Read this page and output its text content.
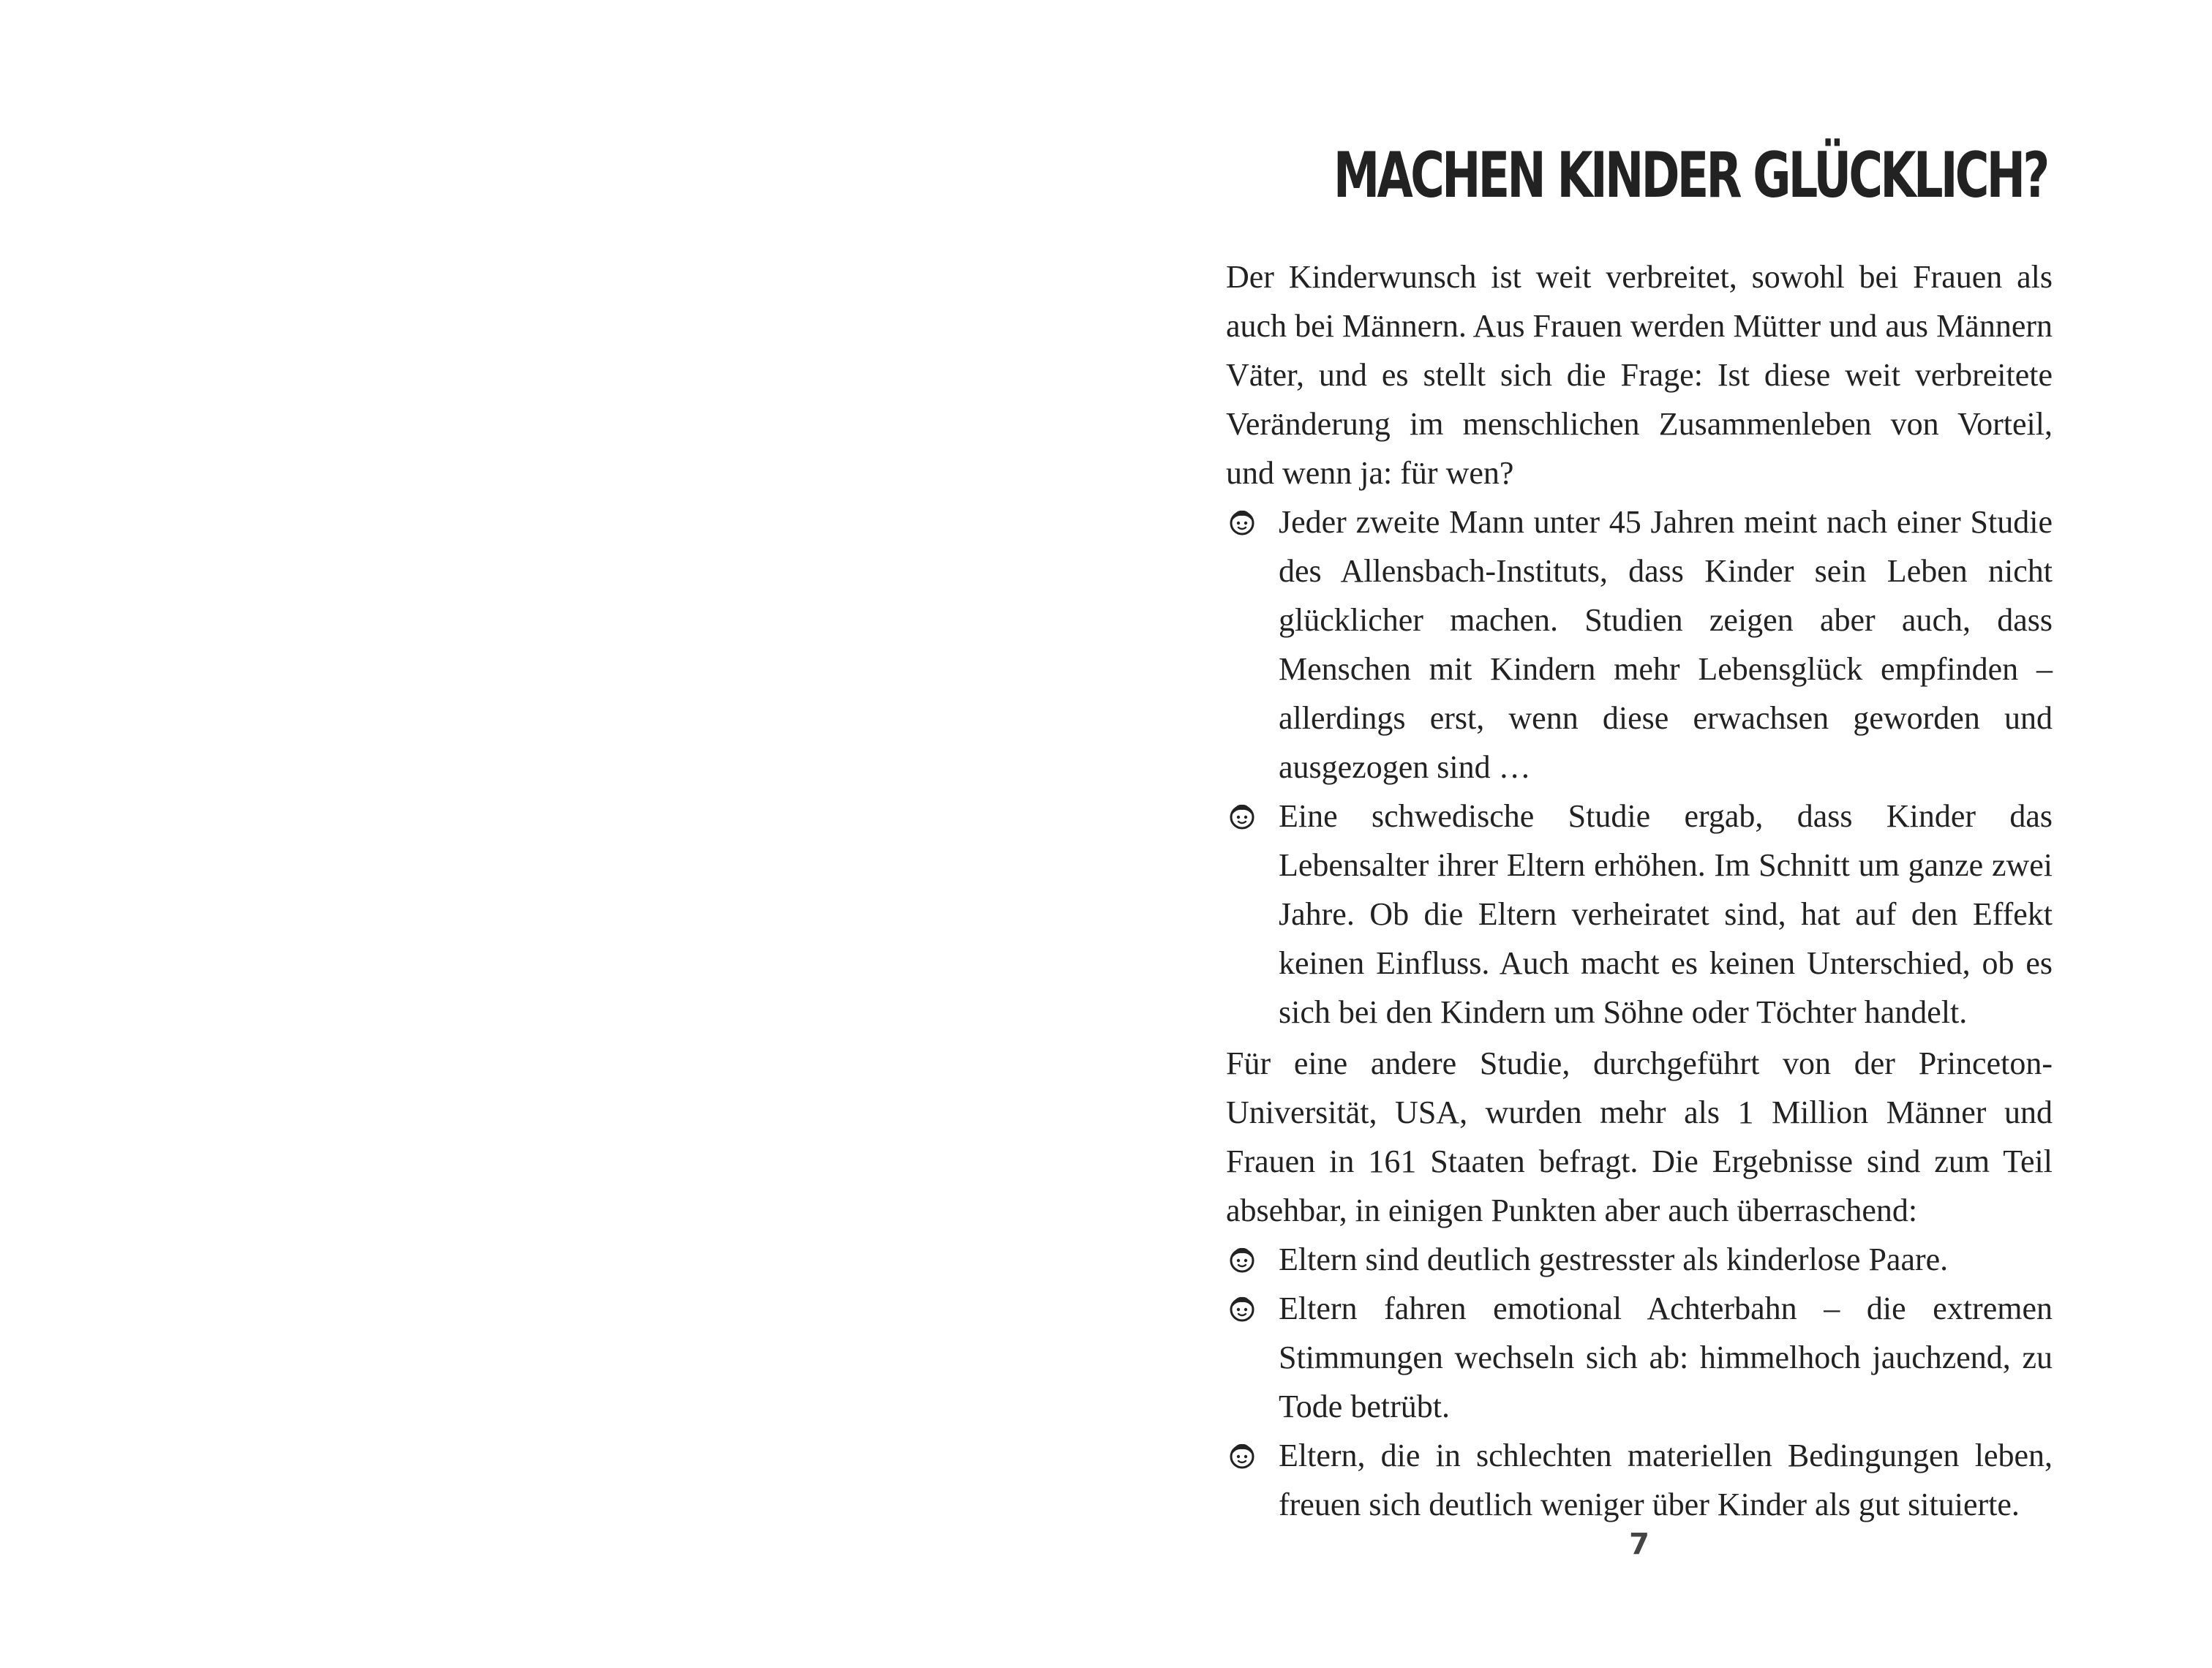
MACHEN KINDER GLÜCKLICH?

Der Kinderwunsch ist weit verbreitet, sowohl bei Frauen als auch bei Männern. Aus Frauen werden Mütter und aus Männern Väter, und es stellt sich die Frage: Ist diese weit verbreitete Veränderung im menschlichen Zusammenleben von Vorteil, und wenn ja: für wen?

Jeder zweite Mann unter 45 Jahren meint nach einer Studie des Allensbach-Instituts, dass Kinder sein Leben nicht glücklicher machen. Studien zeigen aber auch, dass Menschen mit Kindern mehr Lebensglück empfinden – allerdings erst, wenn diese erwachsen geworden und ausgezogen sind …
Eine schwedische Studie ergab, dass Kinder das Lebensalter ihrer Eltern erhöhen. Im Schnitt um ganze zwei Jahre. Ob die Eltern verheiratet sind, hat auf den Effekt keinen Einfluss. Auch macht es keinen Unterschied, ob es sich bei den Kindern um Söhne oder Töchter handelt.

Für eine andere Studie, durchgeführt von der Princeton-Universität, USA, wurden mehr als 1 Million Männer und Frauen in 161 Staaten befragt. Die Ergebnisse sind zum Teil absehbar, in einigen Punkten aber auch überraschend:

Eltern sind deutlich gestresster als kinderlose Paare.
Eltern fahren emotional Achterbahn – die extremen Stimmungen wechseln sich ab: himmelhoch jauchzend, zu Tode betrübt.
Eltern, die in schlechten materiellen Bedingungen leben, freuen sich deutlich weniger über Kinder als gut situierte.
7
